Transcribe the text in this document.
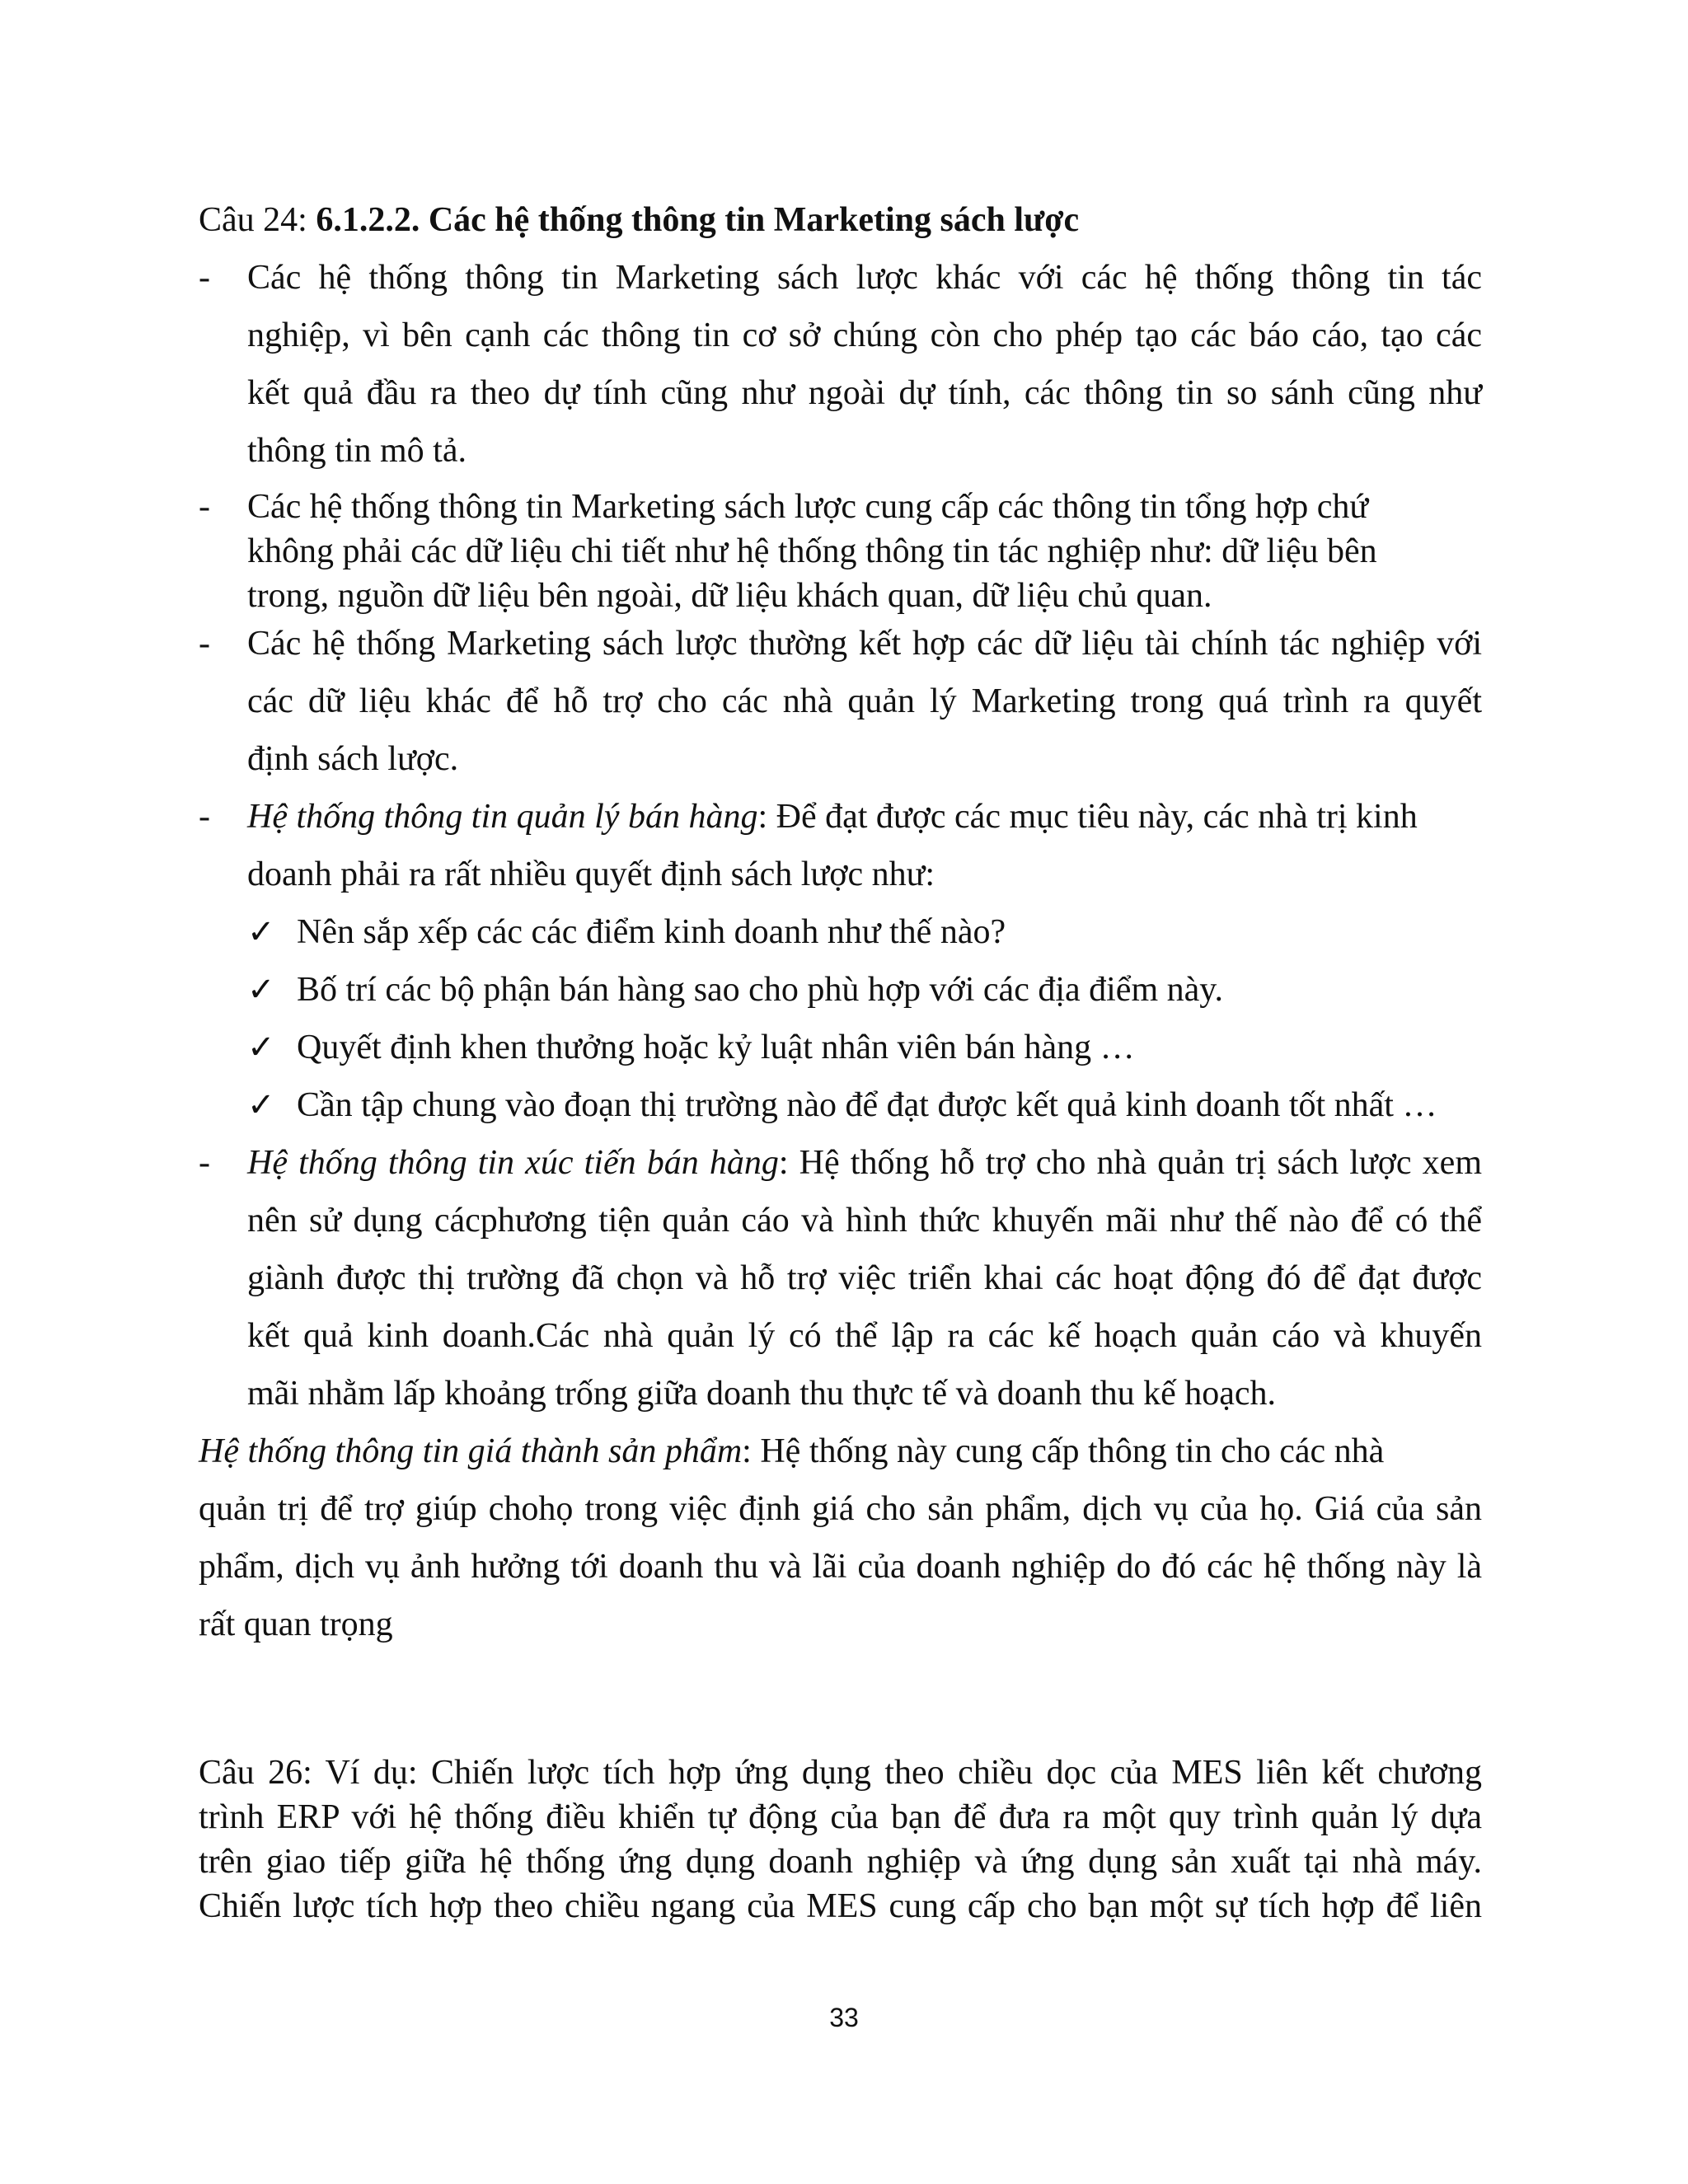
Câu 24: 6.1.2.2. Các hệ thống thông tin Marketing sách lược
- Các hệ thống thông tin Marketing sách lược khác với các hệ thống thông tin tác
nghiệp, vì bên cạnh các thông tin cơ sở chúng còn cho phép tạo các báo cáo, tạo các
kết quả đầu ra theo dự tính cũng như ngoài dự tính, các thông tin so sánh cũng như
thông tin mô tả.
- Các hệ thống thông tin Marketing sách lược cung cấp các thông tin tổng hợp chứ
không phải các dữ liệu chi tiết như hệ thống thông tin tác nghiệp như: dữ liệu bên
trong, nguồn dữ liệu bên ngoài, dữ liệu khách quan, dữ liệu chủ quan.
- Các hệ thống Marketing sách lược thường kết hợp các dữ liệu tài chính tác nghiệp với
các dữ liệu khác để hỗ trợ cho các nhà quản lý Marketing trong quá trình ra quyết
định sách lược.
- Hệ thống thông tin quản lý bán hàng: Để đạt được các mục tiêu này, các nhà trị kinh
doanh phải ra rất nhiều quyết định sách lược như:
✓ Nên sắp xếp các các điểm kinh doanh như thế nào?
✓ Bố trí các bộ phận bán hàng sao cho phù hợp với các địa điểm này.
✓ Quyết định khen thưởng hoặc kỷ luật nhân viên bán hàng …
✓ Cần tập chung vào đoạn thị trường nào để đạt được kết quả kinh doanh tốt nhất …
- Hệ thống thông tin xúc tiến bán hàng: Hệ thống hỗ trợ cho nhà quản trị sách lược xem
nên sử dụng cácphương tiện quản cáo và hình thức khuyến mãi như thế nào để có thể
giành được thị trường đã chọn và hỗ trợ việc triển khai các hoạt động đó để đạt được
kết quả kinh doanh.Các nhà quản lý có thể lập ra các kế hoạch quản cáo và khuyến
mãi nhằm lấp khoảng trống giữa doanh thu thực tế và doanh thu kế hoạch.
Hệ thống thông tin giá thành sản phẩm: Hệ thống này cung cấp thông tin cho các nhà
quản trị để trợ giúp chohọ trong việc định giá cho sản phẩm, dịch vụ của họ. Giá của sản
phẩm, dịch vụ ảnh hưởng tới doanh thu và lãi của doanh nghiệp do đó các hệ thống này là
rất quan trọng
Câu 26: Ví dụ: Chiến lược tích hợp ứng dụng theo chiều dọc của MES liên kết chương
trình ERP với hệ thống điều khiển tự động của bạn để đưa ra một quy trình quản lý dựa
trên giao tiếp giữa hệ thống ứng dụng doanh nghiệp và ứng dụng sản xuất tại nhà máy.
Chiến lược tích hợp theo chiều ngang của MES cung cấp cho bạn một sự tích hợp để liên
33
